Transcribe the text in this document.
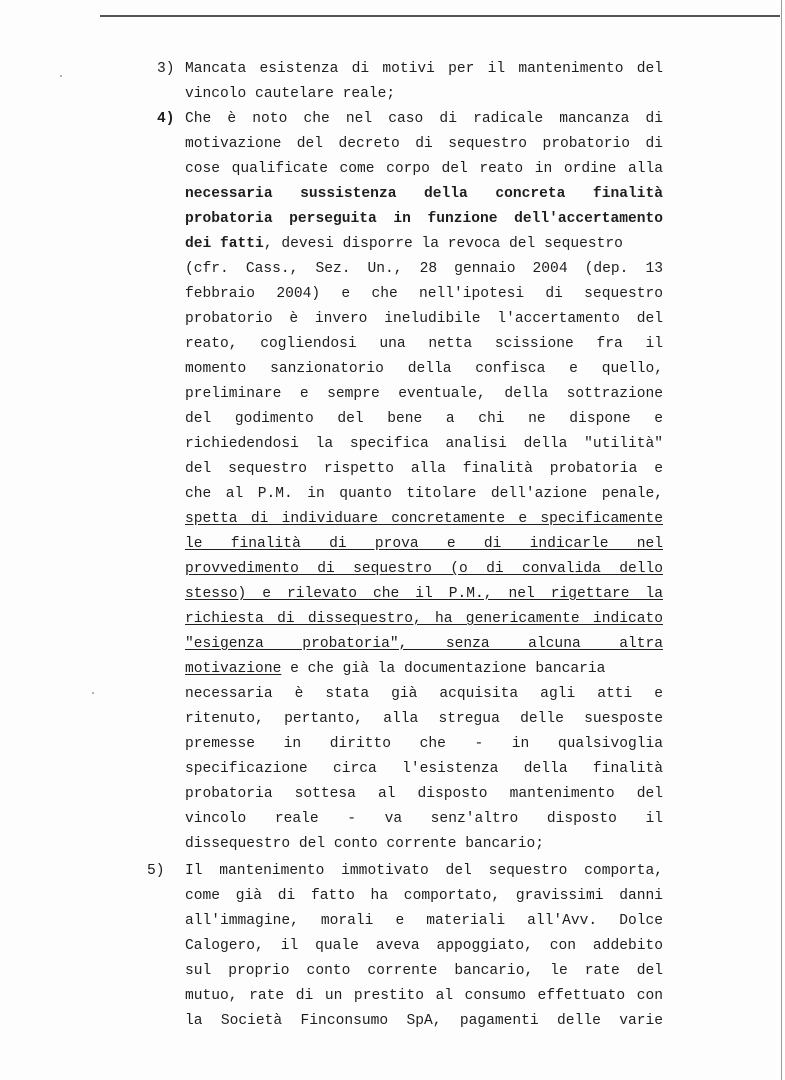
3) Mancata esistenza di motivi per il mantenimento del
vincolo cautelare reale;
4) Che è noto che nel caso di radicale mancanza di
motivazione del decreto di sequestro probatorio di
cose qualificate come corpo del reato in ordine alla
necessaria sussistenza della concreta finalità
probatoria perseguita in funzione dell'accertamento
dei fatti, devesi disporre la revoca del sequestro
(cfr. Cass., Sez. Un., 28 gennaio 2004 (dep. 13
febbraio 2004) e che nell'ipotesi di sequestro
probatorio è invero ineludibile l'accertamento del
reato, cogliendosi una netta scissione fra il
momento sanzionatorio della confisca e quello,
preliminare e sempre eventuale, della sottrazione
del godimento del bene a chi ne dispone e
richiedendosi la specifica analisi della "utilità"
del sequestro rispetto alla finalità probatoria e
che al P.M. in quanto titolare dell'azione penale,
spetta di individuare concretamente e specificamente
le finalità di prova e di indicarle nel
provvedimento di sequestro (o di convalida dello
stesso) e rilevato che il P.M., nel rigettare la
richiesta di dissequestro, ha genericamente indicato
"esigenza probatoria", senza alcuna altra
motivazione e che già la documentazione bancaria
necessaria è stata già acquisita agli atti e
ritenuto, pertanto, alla stregua delle suesposte
premesse in diritto che - in qualsivoglia
specificazione circa l'esistenza della finalità
probatoria sottesa al disposto mantenimento del
vincolo reale - va senz'altro disposto il
dissequestro del conto corrente bancario;
5) Il mantenimento immotivato del sequestro comporta,
come già di fatto ha comportato, gravissimi danni
all'immagine, morali e materiali all'Avv. Dolce
Calogero, il quale aveva appoggiato, con addebito
sul proprio conto corrente bancario, le rate del
mutuo, rate di un prestito al consumo effettuato con
la Società Finconsumo SpA, pagamenti delle varie
